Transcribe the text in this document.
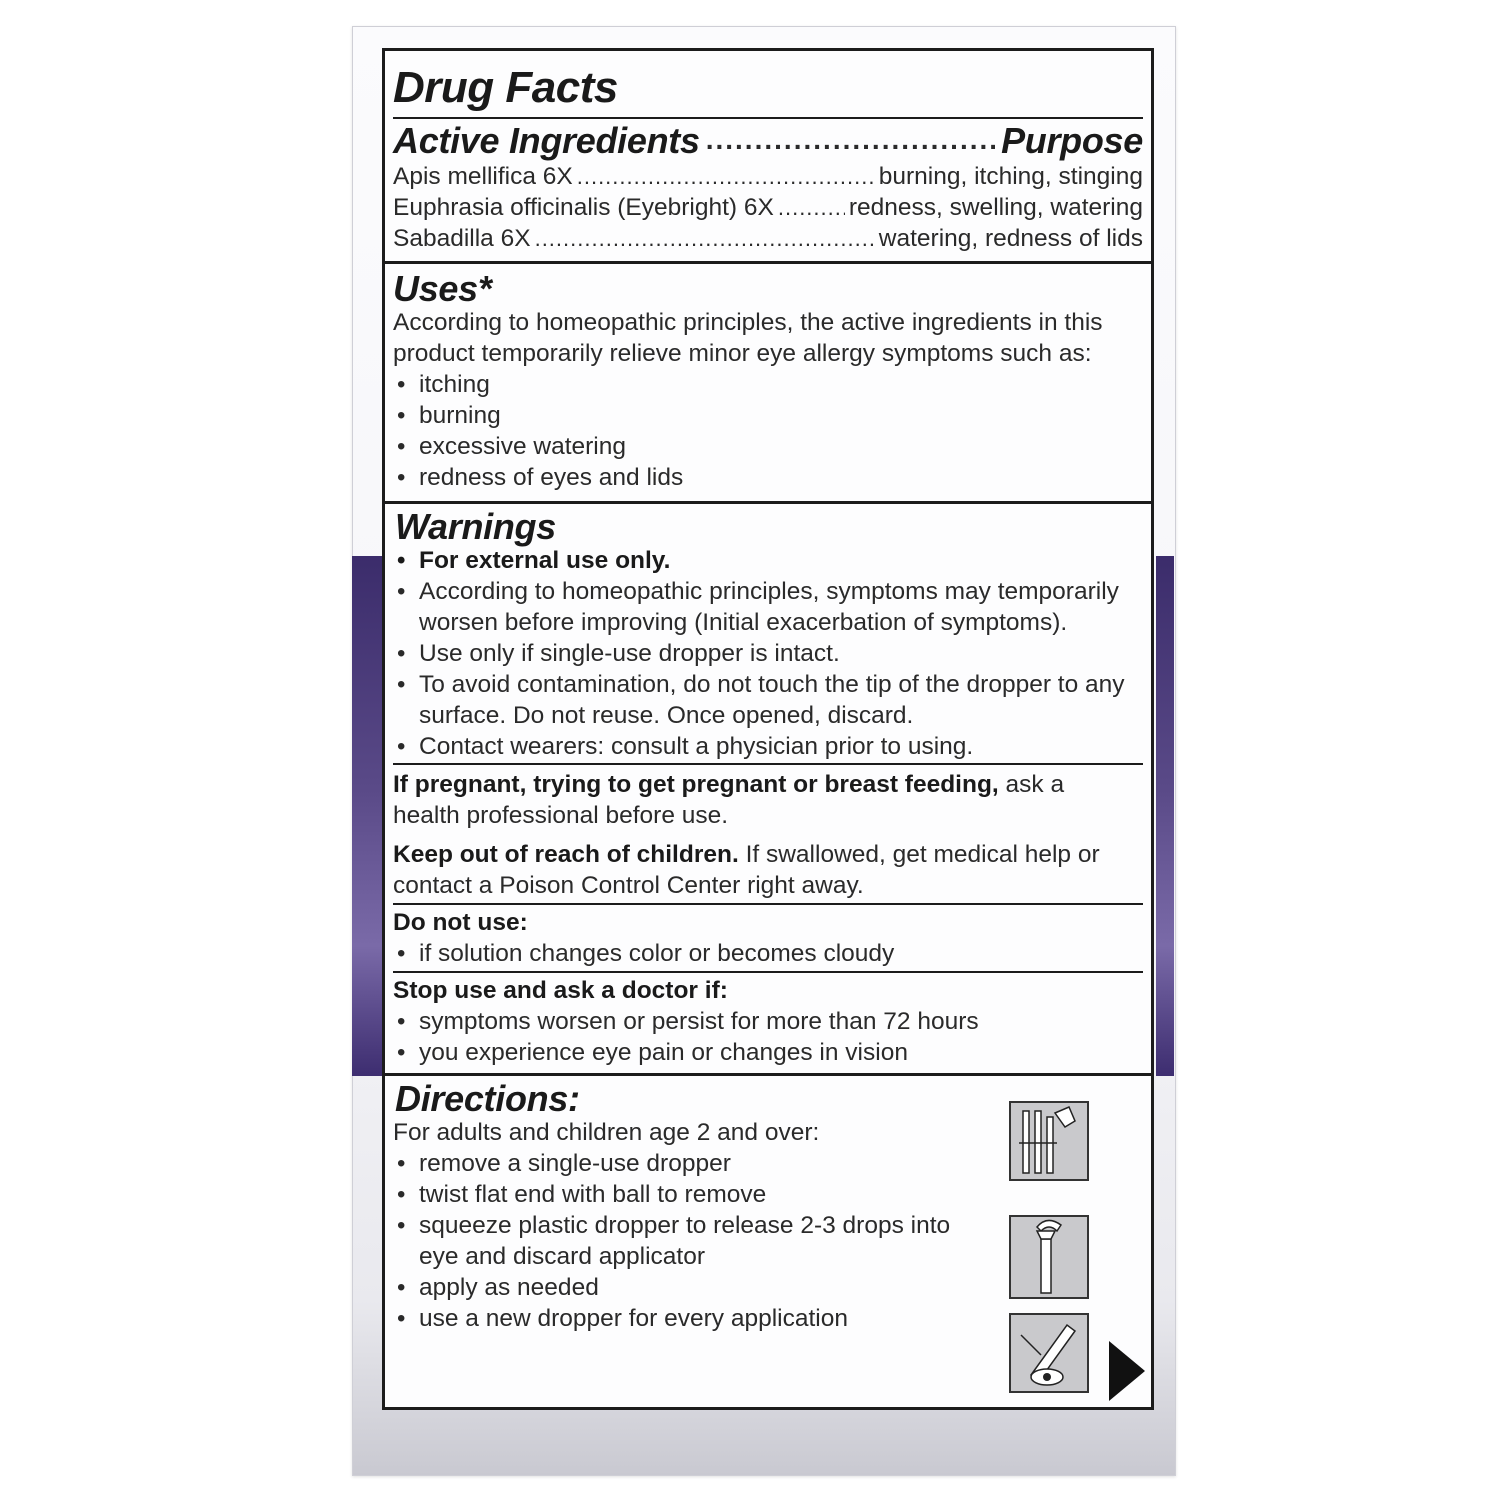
Drug Facts
Active Ingredients .....	Purpose
Apis mellifica 6X .....	burning, itching, stinging
Euphrasia officinalis (Eyebright) 6X .....	redness, swelling, watering
Sabadilla 6X .....	watering, redness of lids
Uses*
According to homeopathic principles, the active ingredients in this product temporarily relieve minor eye allergy symptoms such as:
• itching
• burning
• excessive watering
• redness of eyes and lids
Warnings
• For external use only.
• According to homeopathic principles, symptoms may temporarily worsen before improving (Initial exacerbation of symptoms).
• Use only if single-use dropper is intact.
• To avoid contamination, do not touch the tip of the dropper to any surface. Do not reuse. Once opened, discard.
• Contact wearers: consult a physician prior to using.
If pregnant, trying to get pregnant or breast feeding, ask a health professional before use.
Keep out of reach of children. If swallowed, get medical help or contact a Poison Control Center right away.
Do not use:
• if solution changes color or becomes cloudy
Stop use and ask a doctor if:
• symptoms worsen or persist for more than 72 hours
• you experience eye pain or changes in vision
Directions:
For adults and children age 2 and over:
• remove a single-use dropper
• twist flat end with ball to remove
• squeeze plastic dropper to release 2-3 drops into eye and discard applicator
• apply as needed
• use a new dropper for every application
